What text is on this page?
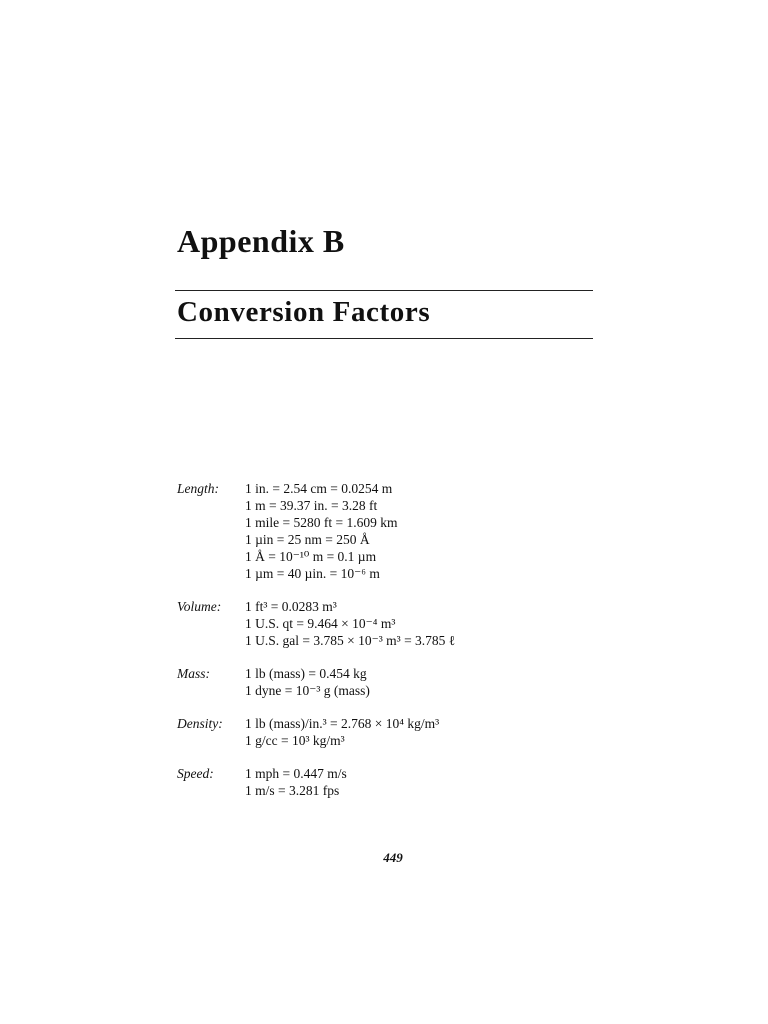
Appendix B
Conversion Factors
Length:	1 in. = 2.54 cm = 0.0254 m
1 m = 39.37 in. = 3.28 ft
1 mile = 5280 ft = 1.609 km
1 µin = 25 nm = 250 Å
1 Å = 10⁻¹⁰ m = 0.1 µm
1 µm = 40 µin. = 10⁻⁶ m
Volume:	1 ft³ = 0.0283 m³
1 U.S. qt = 9.464 × 10⁻⁴ m³
1 U.S. gal = 3.785 × 10⁻³ m³ = 3.785 ℓ
Mass:	1 lb (mass) = 0.454 kg
1 dyne = 10⁻³ g (mass)
Density:	1 lb (mass)/in.³ = 2.768 × 10⁴ kg/m³
1 g/cc = 10³ kg/m³
Speed:	1 mph = 0.447 m/s
1 m/s = 3.281 fps
449
